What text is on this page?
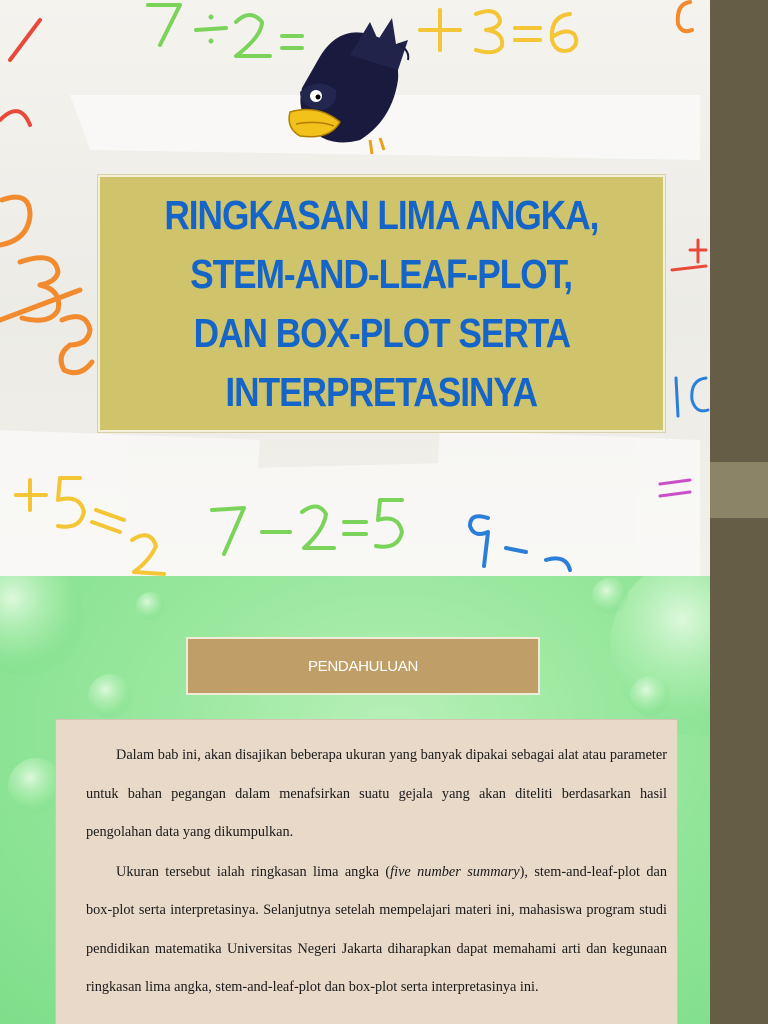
RINGKASAN LIMA ANGKA,
STEM-AND-LEAF-PLOT,
DAN BOX-PLOT SERTA
INTERPRETASINYA
PENDAHULUAN

Dalam bab ini, akan disajikan beberapa ukuran yang banyak dipakai sebagai alat atau parameter untuk bahan pegangan dalam menafsirkan suatu gejala yang akan diteliti berdasarkan hasil pengolahan data yang dikumpulkan.

Ukuran tersebut ialah ringkasan lima angka (five number summary), stem-and-leaf-plot dan box-plot serta interpretasinya. Selanjutnya setelah mempelajari materi ini, mahasiswa program studi pendidikan matematika Universitas Negeri Jakarta diharapkan dapat memahami arti dan kegunaan ringkasan lima angka, stem-and-leaf-plot dan box-plot serta interpretasinya ini.
